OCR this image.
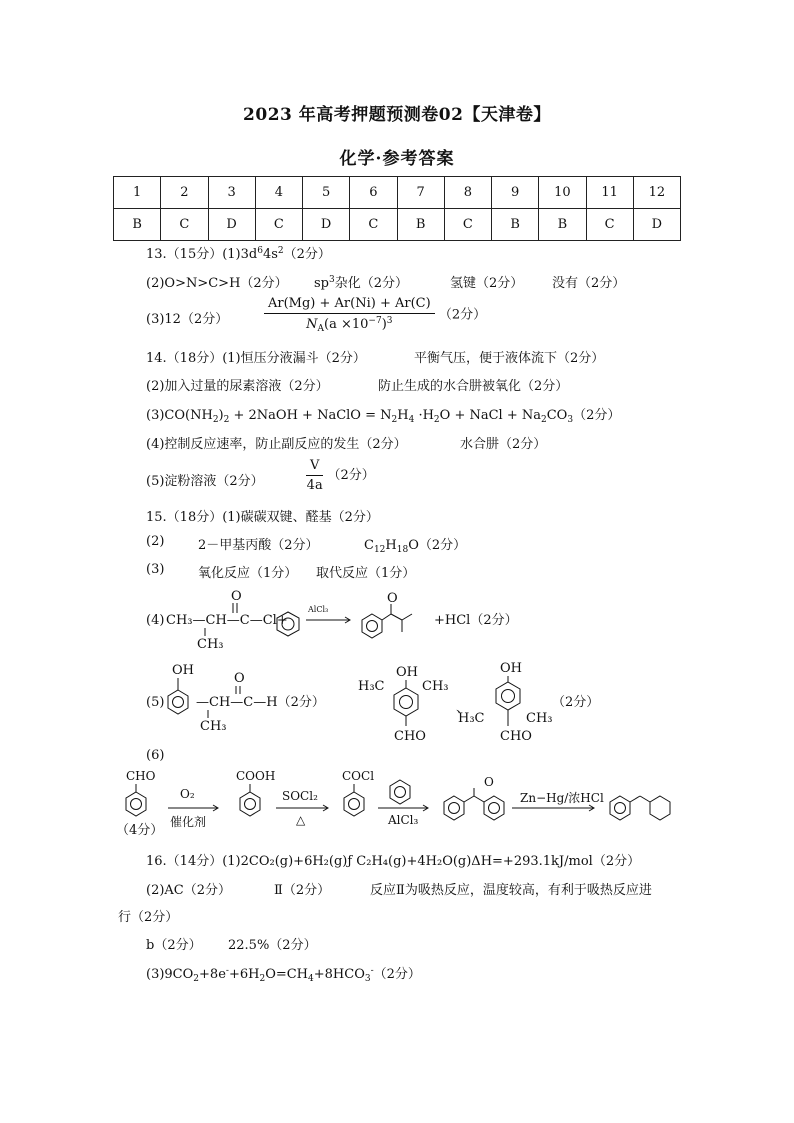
2023 年高考押题预测卷02【天津卷】
化学·参考答案
1	2	3	4	5	6	7	8	9	10	11	12
B	C	D	C	D	C	B	C	B	B	C	D
13.（15分）$(1)3d^64s^2(2$分）
(2)O>N>C>H（2分） $sp^3$杂化（2分）	氢键（2分） 没有（2分）
(3)12（2分）	$\frac{Ar(Mg) + Ar(Ni) + Ar(C)}{N_A(a \times 10^{-7})^3} (2$分）
14.（18分）(1)恒压分液漏斗（2分）	平衡气压，便于液体流下（2分）
(2)加入过量的尿素溶液（2分）	防止生成的水合肼被氧化（2分）
$(3)CO(NH_2)_2$ + 2NaOH + NaClO = $N_2H_4 \cdot H_2O$ + NaCl + $Na_2CO_3(2$分）
(4)控制反应速率，防止副反应的发生（2分）	水合肼（2分）
(5)淀粉溶液（2分）	$\frac{V}{4a} (2$分）
15.（18分）(1)碳碳双键、醛基（2分）
(2)	2－甲基丙酸（2分）	$C_{12}H_{18}O(2$分）
(3)	氧化反应（1分） 取代反应（1分）
(4) CH₃—CH—C—Cl+
CH₃
O
AlCl₃
O
+HCl（2分）
(5)
OH
—CH—C—H（2分）
CH₃
O	OH
H₃C	CH₃
CHO
、
OH
H₃C	CH₃
CHO
（2分）
(6)
CHO
O₂
催化剂
COOH
SOCl₂
△
COCl
AlCl₃
O
Zn−Hg/浓HCl
（4分）
16.（14分）(1)2CO₂(g)+6H₂(g)ƒ C₂H₄(g)+4H₂O(g)ΔH=+293.1kJ/mol（2分）
(2)AC（2分）	Ⅱ（2分）	反应Ⅱ为吸热反应，温度较高，有利于吸热反应进
行（2分）
b（2分） 22.5%（2分）
$(3)9CO_2+8e^-+6H_2O=CH_4+8HCO_3^-(2$分）
